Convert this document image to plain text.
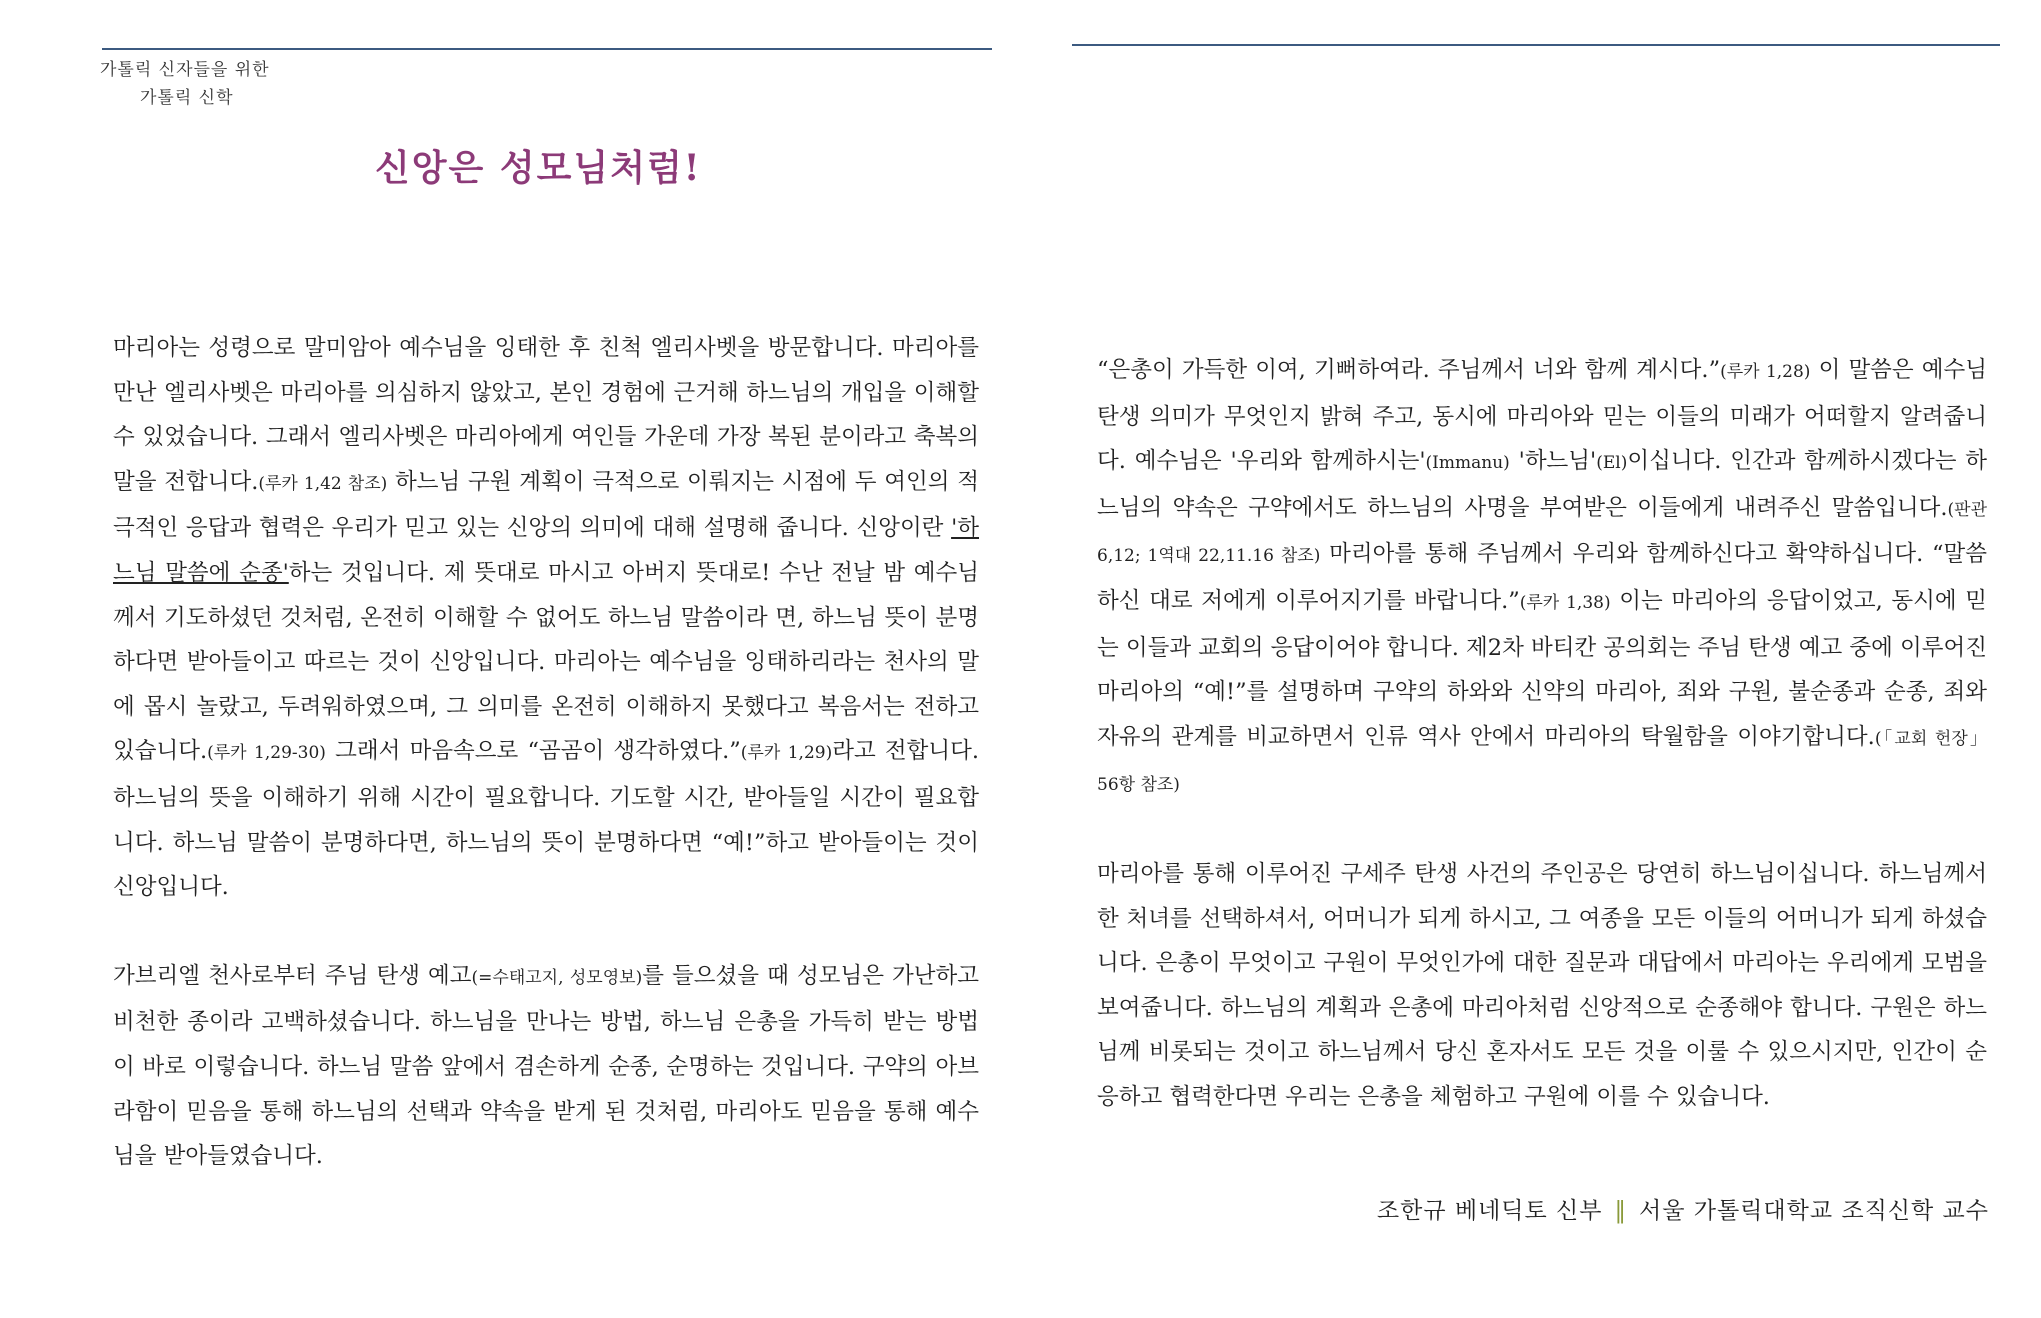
가톨릭 신자들을 위한
가톨릭 신학
신앙은 성모님처럼!

마리아는 성령으로 말미암아 예수님을 잉태한 후 친척 엘리사벳을 방문합니다. 마리아를 만난 엘리사벳은 마리아를 의심하지 않았고, 본인 경험에 근거해 하느님의 개입을 이해할 수 있었습니다. 그래서 엘리사벳은 마리아에게 여인들 가운데 가장 복된 분이라고 축복의 말을 전합니다.(루카 1,42 참조) 하느님 구원 계획이 극적으로 이뤄지는 시점에 두 여인의 적극적인 응답과 협력은 우리가 믿고 있는 신앙의 의미에 대해 설명해 줍니다. 신앙이란 '하느님 말씀에 순종'하는 것입니다. 제 뜻대로 마시고 아버지 뜻대로! 수난 전날 밤 예수님께서 기도하셨던 것처럼, 온전히 이해할 수 없어도 하느님 말씀이라 면, 하느님 뜻이 분명하다면 받아들이고 따르는 것이 신앙입니다. 마리아는 예수님을 잉태하리라는 천사의 말에 몹시 놀랐고, 두려워하였으며, 그 의미를 온전히 이해하지 못했다고 복음서는 전하고 있습니다.(루카 1,29-30) 그래서 마음속으로 “곰곰이 생각하였다.”(루카 1,29)라고 전합니다. 하느님의 뜻을 이해하기 위해 시간이 필요합니다. 기도할 시간, 받아들일 시간이 필요합니다. 하느님 말씀이 분명하다면, 하느님의 뜻이 분명하다면 “예!”하고 받아들이는 것이 신앙입니다.

가브리엘 천사로부터 주님 탄생 예고(=수태고지, 성모영보)를 들으셨을 때 성모님은 가난하고 비천한 종이라 고백하셨습니다. 하느님을 만나는 방법, 하느님 은총을 가득히 받는 방법이 바로 이렇습니다. 하느님 말씀 앞에서 겸손하게 순종, 순명하는 것입니다. 구약의 아브라함이 믿음을 통해 하느님의 선택과 약속을 받게 된 것처럼, 마리아도 믿음을 통해 예수님을 받아들였습니다.

“은총이 가득한 이여, 기뻐하여라. 주님께서 너와 함께 계시다.”(루카 1,28) 이 말씀은 예수님 탄생 의미가 무엇인지 밝혀 주고, 동시에 마리아와 믿는 이들의 미래가 어떠할지 알려줍니다. 예수님은 '우리와 함께하시는'(Immanu) '하느님'(El)이십니다. 인간과 함께하시겠다는 하느님의 약속은 구약에서도 하느님의 사명을 부여받은 이들에게 내려주신 말씀입니다.(판관 6,12; 1역대 22,11.16 참조) 마리아를 통해 주님께서 우리와 함께하신다고 확약하십니다. “말씀하신 대로 저에게 이루어지기를 바랍니다.”(루카 1,38) 이는 마리아의 응답이었고, 동시에 믿는 이들과 교회의 응답이어야 합니다. 제2차 바티칸 공의회는 주님 탄생 예고 중에 이루어진 마리아의 “예!”를 설명하며 구약의 하와와 신약의 마리아, 죄와 구원, 불순종과 순종, 죄와 자유의 관계를 비교하면서 인류 역사 안에서 마리아의 탁월함을 이야기합니다.(「교회 헌장」 56항 참조)

마리아를 통해 이루어진 구세주 탄생 사건의 주인공은 당연히 하느님이십니다. 하느님께서 한 처녀를 선택하셔서, 어머니가 되게 하시고, 그 여종을 모든 이들의 어머니가 되게 하셨습니다. 은총이 무엇이고 구원이 무엇인가에 대한 질문과 대답에서 마리아는 우리에게 모범을 보여줍니다. 하느님의 계획과 은총에 마리아처럼 신앙적으로 순종해야 합니다. 구원은 하느님께 비롯되는 것이고 하느님께서 당신 혼자서도 모든 것을 이룰 수 있으시지만, 인간이 순응하고 협력한다면 우리는 은총을 체험하고 구원에 이를 수 있습니다.

조한규 베네딕토 신부 ‖ 서울 가톨릭대학교 조직신학 교수
